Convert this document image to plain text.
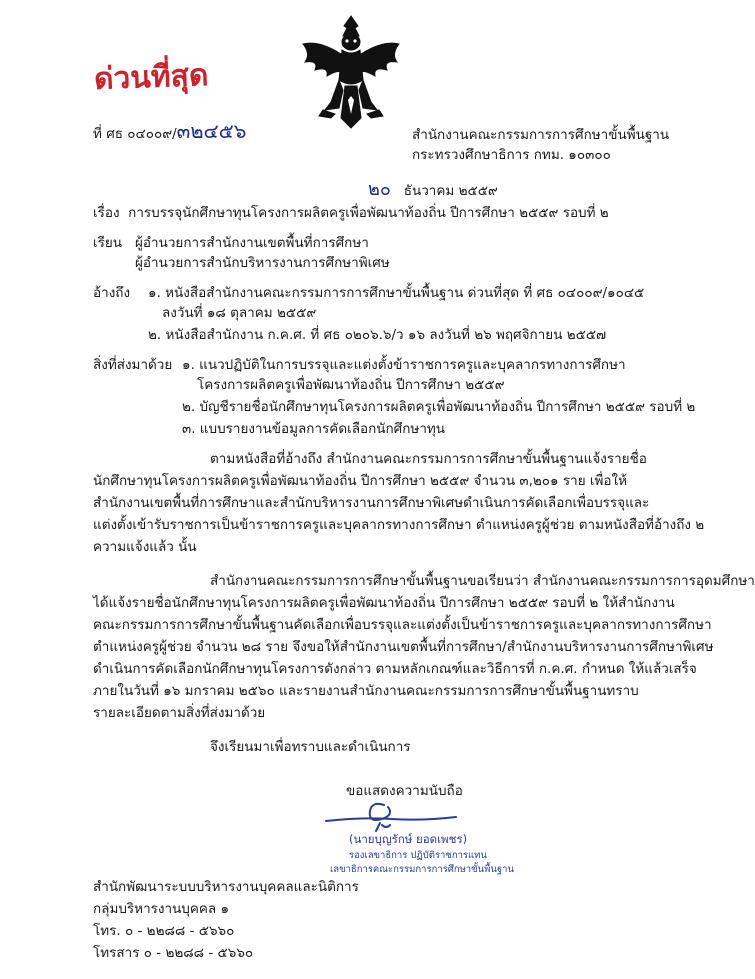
ด่วนที่สุด
ที่ ศธ ๐๔๐๐๙/๓๒๔๕๖	สำนักงานคณะกรรมการการศึกษาขั้นพื้นฐาน
กระทรวงศึกษาธิการ กทม. ๑๐๓๐๐
๒๐ ธันวาคม ๒๕๕๙
เรื่อง การบรรจุนักศึกษาทุนโครงการผลิตครูเพื่อพัฒนาท้องถิ่น ปีการศึกษา ๒๕๕๙ รอบที่ ๒
เรียน ผู้อำนวยการสำนักงานเขตพื้นที่การศึกษา
ผู้อำนวยการสำนักบริหารงานการศึกษาพิเศษ
อ้างถึง ๑. หนังสือสำนักงานคณะกรรมการการศึกษาขั้นพื้นฐาน ด่วนที่สุด ที่ ศธ ๐๔๐๐๙/๑๐๔๕
ลงวันที่ ๑๘ ตุลาคม ๒๕๕๙
๒. หนังสือสำนักงาน ก.ค.ศ. ที่ ศธ ๐๒๐๖.๖/ว ๑๖ ลงวันที่ ๒๖ พฤศจิกายน ๒๕๕๗
สิ่งที่ส่งมาด้วย ๑. แนวปฏิบัติในการบรรจุและแต่งตั้งข้าราชการครูและบุคลากรทางการศึกษา
โครงการผลิตครูเพื่อพัฒนาท้องถิ่น ปีการศึกษา ๒๕๕๙
๒. บัญชีรายชื่อนักศึกษาทุนโครงการผลิตครูเพื่อพัฒนาท้องถิ่น ปีการศึกษา ๒๕๕๙ รอบที่ ๒
๓. แบบรายงานข้อมูลการคัดเลือกนักศึกษาทุน
ตามหนังสือที่อ้างถึง สำนักงานคณะกรรมการการศึกษาขั้นพื้นฐานแจ้งรายชื่อ
นักศึกษาทุนโครงการผลิตครูเพื่อพัฒนาท้องถิ่น ปีการศึกษา ๒๕๕๙ จำนวน ๓,๒๐๑ ราย เพื่อให้
สำนักงานเขตพื้นที่การศึกษาและสำนักบริหารงานการศึกษาพิเศษดำเนินการคัดเลือกเพื่อบรรจุและ
แต่งตั้งเข้ารับราชการเป็นข้าราชการครูและบุคลากรทางการศึกษา ตำแหน่งครูผู้ช่วย ตามหนังสือที่อ้างถึง ๒
ความแจ้งแล้ว นั้น
สำนักงานคณะกรรมการการศึกษาขั้นพื้นฐานขอเรียนว่า สำนักงานคณะกรรมการการอุดมศึกษา
ได้แจ้งรายชื่อนักศึกษาทุนโครงการผลิตครูเพื่อพัฒนาท้องถิ่น ปีการศึกษา ๒๕๕๙ รอบที่ ๒ ให้สำนักงาน
คณะกรรมการการศึกษาขั้นพื้นฐานคัดเลือกเพื่อบรรจุและแต่งตั้งเป็นข้าราชการครูและบุคลากรทางการศึกษา
ตำแหน่งครูผู้ช่วย จำนวน ๒๘ ราย จึงขอให้สำนักงานเขตพื้นที่การศึกษา/สำนักงานบริหารงานการศึกษาพิเศษ
ดำเนินการคัดเลือกนักศึกษาทุนโครงการดังกล่าว ตามหลักเกณฑ์และวิธีการที่ ก.ค.ศ. กำหนด ให้แล้วเสร็จ
ภายในวันที่ ๑๖ มกราคม ๒๕๖๐ และรายงานสำนักงานคณะกรรมการการศึกษาขั้นพื้นฐานทราบ
รายละเอียดตามสิ่งที่ส่งมาด้วย
จึงเรียนมาเพื่อทราบและดำเนินการ
ขอแสดงความนับถือ
(นายบุญรักษ์ ยอดเพชร)
รองเลขาธิการ ปฏิบัติราชการแทน
เลขาธิการคณะกรรมการการศึกษาขั้นพื้นฐาน
สำนักพัฒนาระบบบริหารงานบุคคลและนิติการ
กลุ่มบริหารงานบุคคล ๑
โทร. ๐ - ๒๒๘๘ - ๕๖๖๐
โทรสาร ๐ - ๒๒๘๘ - ๕๖๖๐
